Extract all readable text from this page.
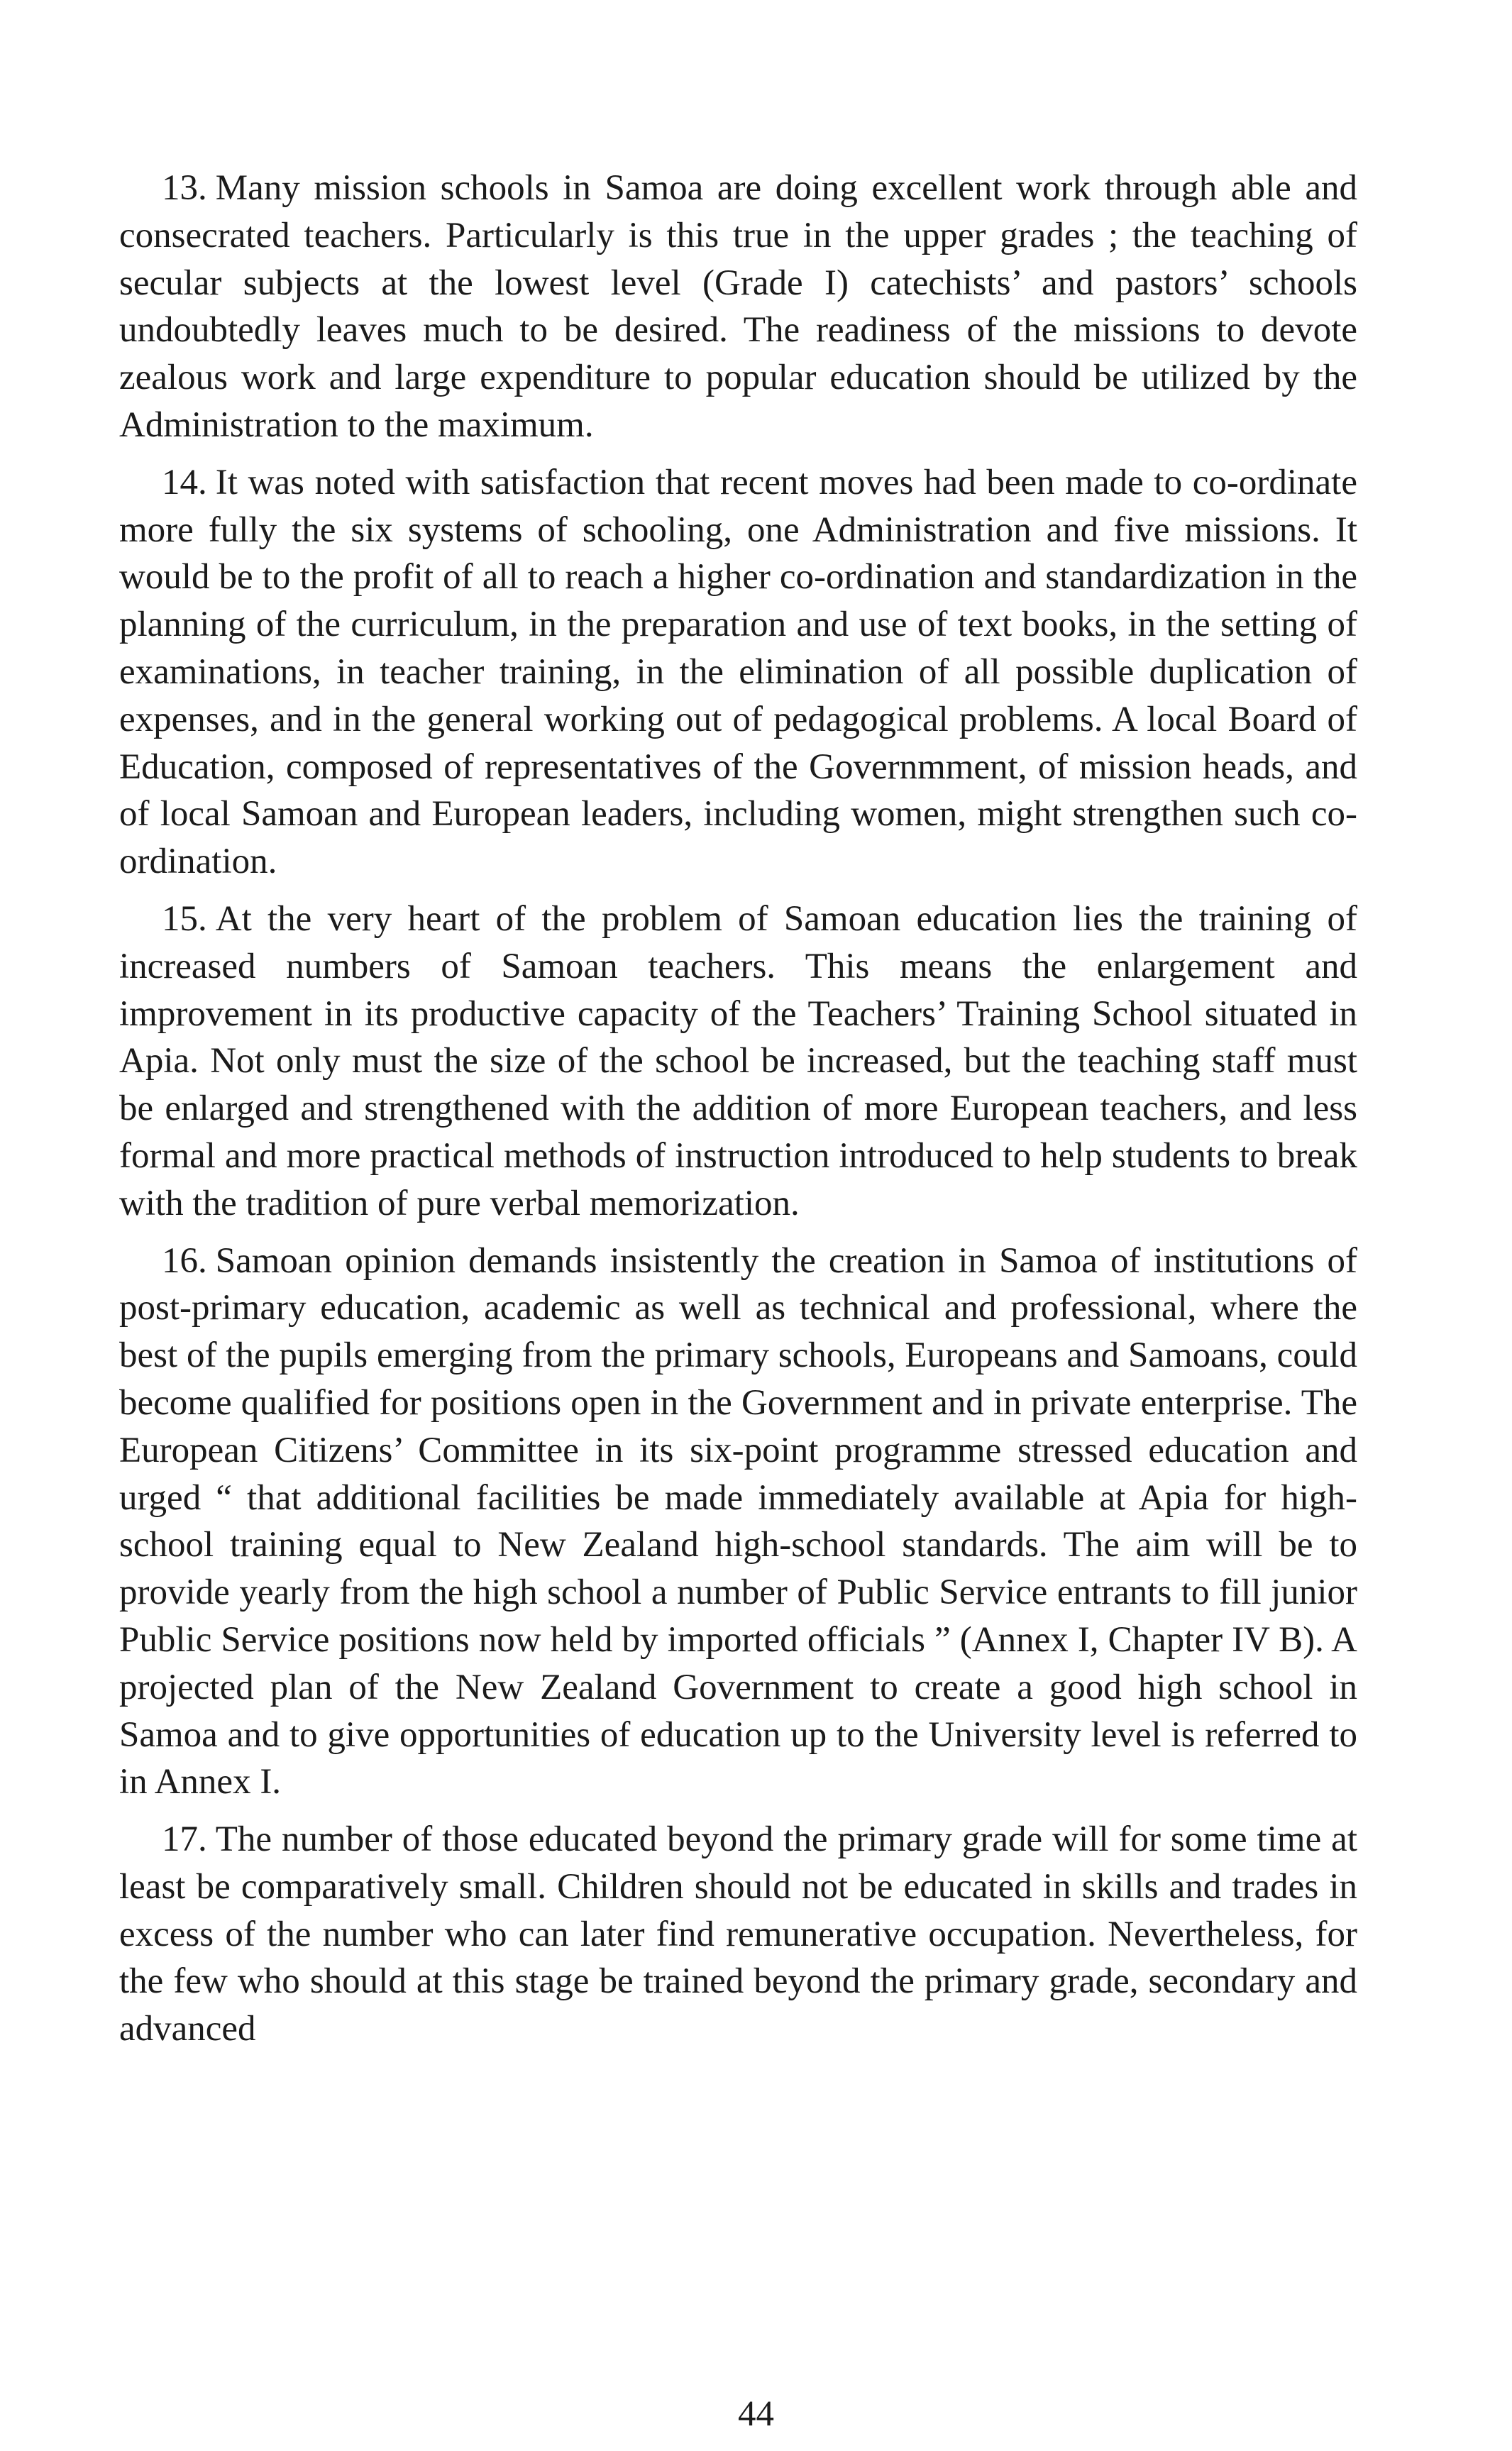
13. Many mission schools in Samoa are doing excellent work through able and consecrated teachers. Particularly is this true in the upper grades ; the teaching of secular subjects at the lowest level (Grade I) catechists’ and pastors’ schools undoubtedly leaves much to be desired. The readiness of the missions to devote zealous work and large expenditure to popular education should be utilized by the Administration to the maximum.

14. It was noted with satisfaction that recent moves had been made to co-ordinate more fully the six systems of schooling, one Administration and five missions. It would be to the profit of all to reach a higher co-ordination and standardization in the planning of the curriculum, in the preparation and use of text books, in the setting of examinations, in teacher training, in the elimination of all possible duplication of expenses, and in the general working out of pedagogical problems. A local Board of Education, composed of representatives of the Governmment, of mission heads, and of local Samoan and European leaders, including women, might strengthen such co-ordination.

15. At the very heart of the problem of Samoan education lies the training of increased numbers of Samoan teachers. This means the enlargement and improvement in its productive capacity of the Teachers’ Training School situated in Apia. Not only must the size of the school be increased, but the teaching staff must be enlarged and strengthened with the addition of more European teachers, and less formal and more practical methods of instruction introduced to help students to break with the tradition of pure verbal memorization.

16. Samoan opinion demands insistently the creation in Samoa of institutions of post-primary education, academic as well as technical and professional, where the best of the pupils emerging from the primary schools, Europeans and Samoans, could become qualified for positions open in the Government and in private enterprise. The European Citizens’ Committee in its six-point programme stressed education and urged “ that additional facilities be made immediately available at Apia for high-school training equal to New Zealand high-school standards. The aim will be to provide yearly from the high school a number of Public Service entrants to fill junior Public Service positions now held by imported officials ” (Annex I, Chapter IV B). A projected plan of the New Zealand Government to create a good high school in Samoa and to give opportunities of education up to the University level is referred to in Annex I.

17. The number of those educated beyond the primary grade will for some time at least be comparatively small. Children should not be educated in skills and trades in excess of the number who can later find remunerative occupation. Nevertheless, for the few who should at this stage be trained beyond the primary grade, secondary and advanced

44
